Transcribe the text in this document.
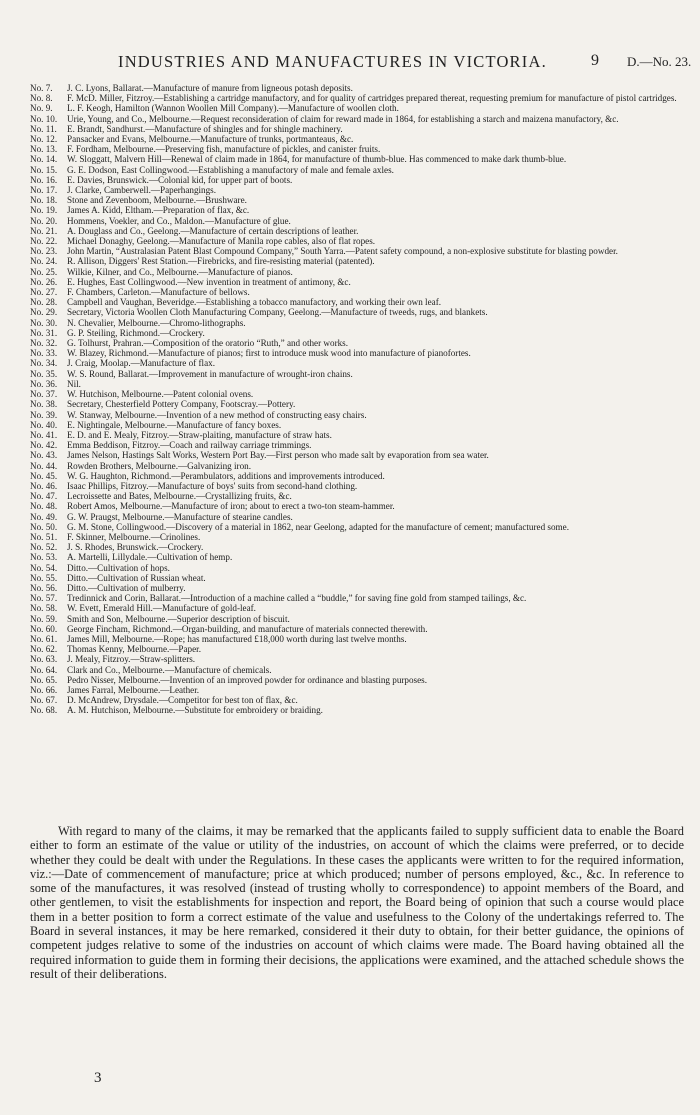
INDUSTRIES AND MANUFACTURES IN VICTORIA.	9 D.—No. 23.
No. 7.	J. C. Lyons, Ballarat.—Manufacture of manure from ligneous potash deposits.
No. 8.	F. McD. Miller, Fitzroy.—Establishing a cartridge manufactory, and for quality of cartridges prepared thereat, requesting premium for manufacture of pistol cartridges.
No. 9.	L. F. Keogh, Hamilton (Wannon Woollen Mill Company).—Manufacture of woollen cloth.
No. 10.	Urie, Young, and Co., Melbourne.—Request reconsideration of claim for reward made in 1864, for establishing a starch and maizena manufactory, &c.
No. 11.	E. Brandt, Sandhurst.—Manufacture of shingles and for shingle machinery.
No. 12.	Pansacker and Evans, Melbourne.—Manufacture of trunks, portmanteaus, &c.
No. 13.	F. Fordham, Melbourne.—Preserving fish, manufacture of pickles, and canister fruits.
No. 14.	W. Sloggatt, Malvern Hill—Renewal of claim made in 1864, for manufacture of thumb-blue. Has commenced to make dark thumb-blue.
No. 15.	G. E. Dodson, East Collingwood.—Establishing a manufactory of male and female axles.
No. 16.	E. Davies, Brunswick.—Colonial kid, for upper part of boots.
No. 17.	J. Clarke, Camberwell.—Paperhangings.
No. 18.	Stone and Zevenboom, Melbourne.—Brushware.
No. 19.	James A. Kidd, Eltham.—Preparation of flax, &c.
No. 20.	Hommens, Voekler, and Co., Maldon.—Manufacture of glue.
No. 21.	A. Douglass and Co., Geelong.—Manufacture of certain descriptions of leather.
No. 22.	Michael Donaghy, Geelong.—Manufacture of Manila rope cables, also of flat ropes.
No. 23.	John Martin, “Australasian Patent Blast Compound Company,” South Yarra.—Patent safety compound, a non-explosive substitute for blasting powder.
No. 24.	R. Allison, Diggers' Rest Station.—Firebricks, and fire-resisting material (patented).
No. 25.	Wilkie, Kilner, and Co., Melbourne.—Manufacture of pianos.
No. 26.	E. Hughes, East Collingwood.—New invention in treatment of antimony, &c.
No. 27.	F. Chambers, Carleton.—Manufacture of bellows.
No. 28.	Campbell and Vaughan, Beveridge.—Establishing a tobacco manufactory, and working their own leaf.
No. 29.	Secretary, Victoria Woollen Cloth Manufacturing Company, Geelong.—Manufacture of tweeds, rugs, and blankets.
No. 30.	N. Chevalier, Melbourne.—Chromo-lithographs.
No. 31.	G. P. Steiling, Richmond.—Crockery.
No. 32.	G. Tolhurst, Prahran.—Composition of the oratorio “Ruth,” and other works.
No. 33.	W. Blazey, Richmond.—Manufacture of pianos; first to introduce musk wood into manufacture of pianofortes.
No. 34.	J. Craig, Moolap.—Manufacture of flax.
No. 35.	W. S. Round, Ballarat.—Improvement in manufacture of wrought-iron chains.
No. 36.	Nil.
No. 37.	W. Hutchison, Melbourne.—Patent colonial ovens.
No. 38.	Secretary, Chesterfield Pottery Company, Footscray.—Pottery.
No. 39.	W. Stanway, Melbourne.—Invention of a new method of constructing easy chairs.
No. 40.	E. Nightingale, Melbourne.—Manufacture of fancy boxes.
No. 41.	E. D. and E. Mealy, Fitzroy.—Straw-plaiting, manufacture of straw hats.
No. 42.	Emma Beddison, Fitzroy.—Coach and railway carriage trimmings.
No. 43.	James Nelson, Hastings Salt Works, Western Port Bay.—First person who made salt by evaporation from sea water.
No. 44.	Rowden Brothers, Melbourne.—Galvanizing iron.
No. 45.	W. G. Haughton, Richmond.—Perambulators, additions and improvements introduced.
No. 46.	Isaac Phillips, Fitzroy.—Manufacture of boys' suits from second-hand clothing.
No. 47.	Lecroissette and Bates, Melbourne.—Crystallizing fruits, &c.
No. 48.	Robert Amos, Melbourne.—Manufacture of iron; about to erect a two-ton steam-hammer.
No. 49.	G. W. Praugst, Melbourne.—Manufacture of stearine candles.
No. 50.	G. M. Stone, Collingwood.—Discovery of a material in 1862, near Geelong, adapted for the manufacture of cement; manufactured some.
No. 51.	F. Skinner, Melbourne.—Crinolines.
No. 52.	J. S. Rhodes, Brunswick.—Crockery.
No. 53.	A. Martelli, Lillydale.—Cultivation of hemp.
No. 54.	Ditto.—Cultivation of hops.
No. 55.	Ditto.—Cultivation of Russian wheat.
No. 56.	Ditto.—Cultivation of mulberry.
No. 57.	Tredinnick and Corin, Ballarat.—Introduction of a machine called a “buddle,” for saving fine gold from stamped tailings, &c.
No. 58.	W. Evett, Emerald Hill.—Manufacture of gold-leaf.
No. 59.	Smith and Son, Melbourne.—Superior description of biscuit.
No. 60.	George Fincham, Richmond.—Organ-building, and manufacture of materials connected therewith.
No. 61.	James Mill, Melbourne.—Rope; has manufactured £18,000 worth during last twelve months.
No. 62.	Thomas Kenny, Melbourne.—Paper.
No. 63.	J. Mealy, Fitzroy.—Straw-splitters.
No. 64.	Clark and Co., Melbourne.—Manufacture of chemicals.
No. 65.	Pedro Nisser, Melbourne.—Invention of an improved powder for ordinance and blasting purposes.
No. 66.	James Farral, Melbourne.—Leather.
No. 67.	D. McAndrew, Drysdale.—Competitor for best ton of flax, &c.
No. 68.	A. M. Hutchison, Melbourne.—Substitute for embroidery or braiding.

With regard to many of the claims, it may be remarked that the applicants failed to supply sufficient data to enable the Board either to form an estimate of the value or utility of the industries, on account of which the claims were preferred, or to decide whether they could be dealt with under the Regulations. In these cases the applicants were written to for the required information, viz.:—Date of commencement of manufacture; price at which produced; number of persons employed, &c., &c. In reference to some of the manufactures, it was resolved (instead of trusting wholly to correspondence) to appoint members of the Board, and other gentlemen, to visit the establishments for inspection and report, the Board being of opinion that such a course would place them in a better position to form a correct estimate of the value and usefulness to the Colony of the undertakings referred to. The Board in several instances, it may be here remarked, considered it their duty to obtain, for their better guidance, the opinions of competent judges relative to some of the industries on account of which claims were made. The Board having obtained all the required information to guide them in forming their decisions, the applications were examined, and the attached schedule shows the result of their deliberations.

3
